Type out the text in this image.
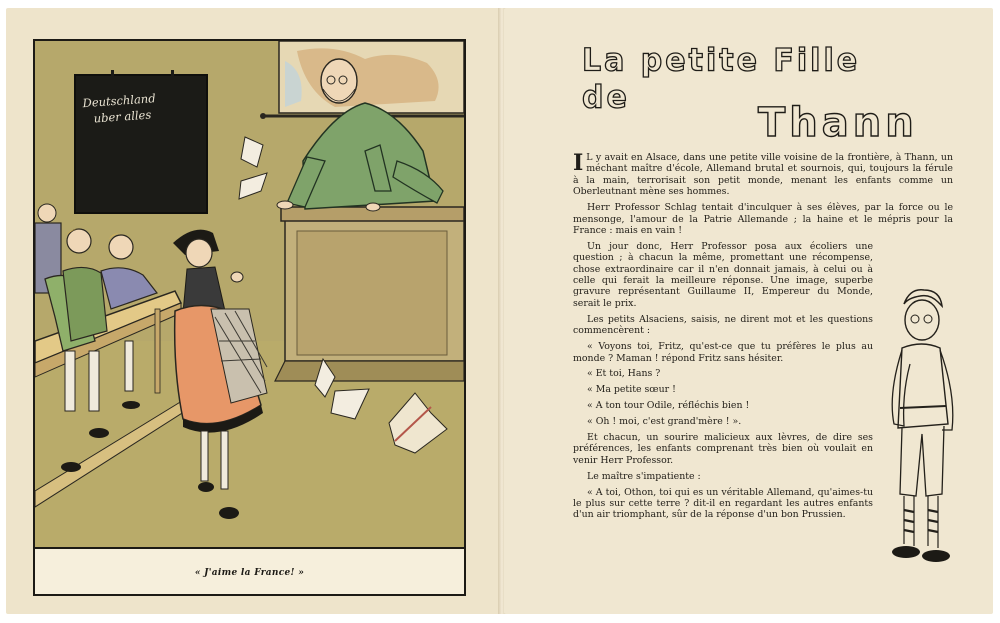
Deutschland
uber alles
« J'aime la France! »
La petite Fille de
Thann

I L y avait en Alsace, dans une petite ville voisine de la frontière, à Thann, un méchant maître d'école, Allemand brutal et sournois, qui, toujours la férule à la main, terrorisait son petit monde, menant les enfants comme un Oberleutnant mène ses hommes.

Herr Professor Schlag tentait d'inculquer à ses élèves, par la force ou le mensonge, l'amour de la Patrie Allemande ; la haine et le mépris pour la France : mais en vain !

Un jour donc, Herr Professor posa aux écoliers une question ; à chacun la même, promettant une récompense, chose extraordinaire car il n'en donnait jamais, à celui ou à celle qui ferait la meilleure réponse. Une image, superbe gravure représentant Guillaume II, Empereur du Monde, serait le prix.

Les petits Alsaciens, saisis, ne dirent mot et les questions commencèrent :

« Voyons toi, Fritz, qu'est-ce que tu préfères le plus au monde ? Maman ! répond Fritz sans hésiter.

« Et toi, Hans ?

« Ma petite sœur !

« A ton tour Odile, réfléchis bien !

« Oh ! moi, c'est grand'mère ! ».

Et chacun, un sourire malicieux aux lèvres, de dire ses préférences, les enfants comprenant très bien où voulait en venir Herr Professor.

Le maître s'impatiente :

« A toi, Othon, toi qui es un véritable Allemand, qu'aimes-tu le plus sur cette terre ? dit-il en regardant les autres enfants d'un air triomphant, sûr de la réponse d'un bon Prussien.
